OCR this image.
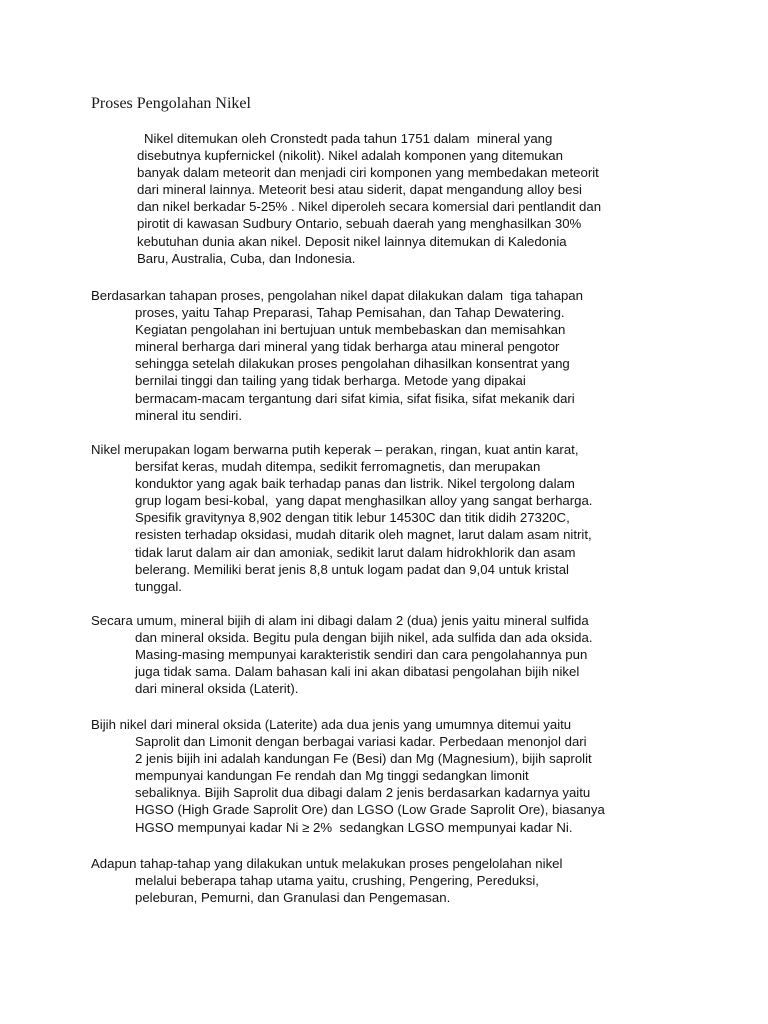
Proses Pengolahan Nikel
Nikel ditemukan oleh Cronstedt pada tahun 1751 dalam  mineral yang
disebutnya kupfernickel (nikolit). Nikel adalah komponen yang ditemukan
banyak dalam meteorit dan menjadi ciri komponen yang membedakan meteorit
dari mineral lainnya. Meteorit besi atau siderit, dapat mengandung alloy besi
dan nikel berkadar 5-25% . Nikel diperoleh secara komersial dari pentlandit dan
pirotit di kawasan Sudbury Ontario, sebuah daerah yang menghasilkan 30%
kebutuhan dunia akan nikel. Deposit nikel lainnya ditemukan di Kaledonia
Baru, Australia, Cuba, dan Indonesia.
Berdasarkan tahapan proses, pengolahan nikel dapat dilakukan dalam  tiga tahapan
proses, yaitu Tahap Preparasi, Tahap Pemisahan, dan Tahap Dewatering.
Kegiatan pengolahan ini bertujuan untuk membebaskan dan memisahkan
mineral berharga dari mineral yang tidak berharga atau mineral pengotor
sehingga setelah dilakukan proses pengolahan dihasilkan konsentrat yang
bernilai tinggi dan tailing yang tidak berharga. Metode yang dipakai
bermacam-macam tergantung dari sifat kimia, sifat fisika, sifat mekanik dari
mineral itu sendiri.
Nikel merupakan logam berwarna putih keperak – perakan, ringan, kuat antin karat,
bersifat keras, mudah ditempa, sedikit ferromagnetis, dan merupakan
konduktor yang agak baik terhadap panas dan listrik. Nikel tergolong dalam
grup logam besi-kobal,  yang dapat menghasilkan alloy yang sangat berharga.
Spesifik gravitynya 8,902 dengan titik lebur 14530C dan titik didih 27320C,
resisten terhadap oksidasi, mudah ditarik oleh magnet, larut dalam asam nitrit,
tidak larut dalam air dan amoniak, sedikit larut dalam hidrokhlorik dan asam
belerang. Memiliki berat jenis 8,8 untuk logam padat dan 9,04 untuk kristal
tunggal.
Secara umum, mineral bijih di alam ini dibagi dalam 2 (dua) jenis yaitu mineral sulfida
dan mineral oksida. Begitu pula dengan bijih nikel, ada sulfida dan ada oksida.
Masing-masing mempunyai karakteristik sendiri dan cara pengolahannya pun
juga tidak sama. Dalam bahasan kali ini akan dibatasi pengolahan bijih nikel
dari mineral oksida (Laterit).
Bijih nikel dari mineral oksida (Laterite) ada dua jenis yang umumnya ditemui yaitu
Saprolit dan Limonit dengan berbagai variasi kadar. Perbedaan menonjol dari
2 jenis bijih ini adalah kandungan Fe (Besi) dan Mg (Magnesium), bijih saprolit
mempunyai kandungan Fe rendah dan Mg tinggi sedangkan limonit
sebaliknya. Bijih Saprolit dua dibagi dalam 2 jenis berdasarkan kadarnya yaitu
HGSO (High Grade Saprolit Ore) dan LGSO (Low Grade Saprolit Ore), biasanya
HGSO mempunyai kadar Ni ≥ 2%  sedangkan LGSO mempunyai kadar Ni.
Adapun tahap-tahap yang dilakukan untuk melakukan proses pengelolahan nikel
melalui beberapa tahap utama yaitu, crushing, Pengering, Pereduksi,
peleburan, Pemurni, dan Granulasi dan Pengemasan.
